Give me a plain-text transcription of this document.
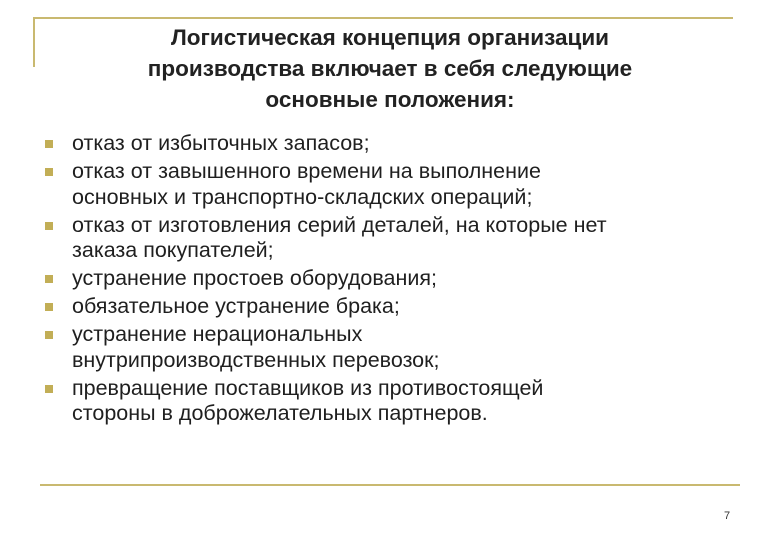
Логистическая концепция организации
производства включает в себя следующие
основные положения:
отказ от избыточных запасов;
отказ от завышенного времени на выполнение
основных и транспортно-складских операций;
отказ от изготовления серий деталей, на которые нет
заказа покупателей;
устранение простоев оборудования;
обязательное устранение брака;
устранение нерациональных
внутрипроизводственных перевозок;
превращение поставщиков из противостоящей
стороны в доброжелательных партнеров.
7
